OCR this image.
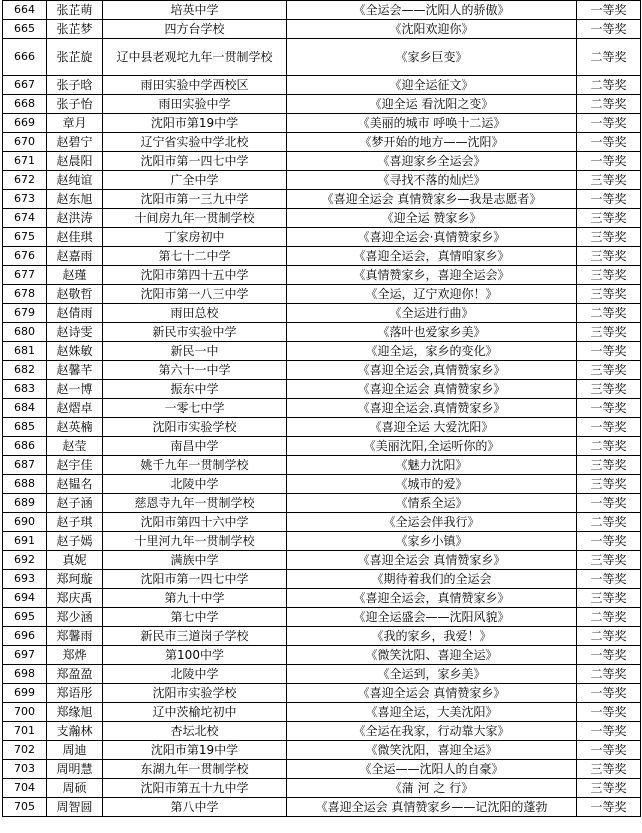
664	张芷萌	培英中学	《全运会——沈阳人的骄傲》	一等奖
665	张芷梦	四方台学校	《沈阳欢迎你》	一等奖
666	张芷旋	辽中县老观坨九年一贯制学校	《家乡巨变》	二等奖
667	张子晗	雨田实验中学西校区	《迎全运征文》	二等奖
668	张子怡	雨田实验中学	《迎全运 看沈阳之变》	二等奖
669	章月	沈阳市第19中学	《美丽的城市 呼唤十二运》	一等奖
670	赵碧宁	辽宁省实验中学北校	《梦开始的地方——沈阳》	一等奖
671	赵晨阳	沈阳市第一四七中学	《喜迎家乡全运会》	一等奖
672	赵纯谊	广全中学	《寻找不落的灿烂》	三等奖
673	赵东旭	沈阳市第一三九中学	《喜迎全运会 真情赞家乡—我是志愿者》	一等奖
674	赵洪涛	十间房九年一贯制学校	《迎全运 赞家乡》	三等奖
675	赵佳琪	丁家房初中	《喜迎全运会·真情赞家乡》	三等奖
676	赵嘉雨	第七十二中学	《喜迎全运会，真情咱家乡》	三等奖
677	赵瑾	沈阳市第四十五中学	《真情赞家乡，喜迎全运会》	三等奖
678	赵敬哲	沈阳市第一八三中学	《全运，辽宁欢迎你！》	三等奖
679	赵倩雨	雨田总校	《全运进行曲》	二等奖
680	赵诗雯	新民市实验中学	《落叶也爱家乡美》	三等奖
681	赵姝敏	新民一中	《迎全运，家乡的变化》	一等奖
682	赵馨芊	第六十一中学	《喜迎全运会,真情赞家乡》	三等奖
683	赵一博	振东中学	《喜迎全运会 真情赞家乡》	三等奖
684	赵熠卓	一零七中学	《喜迎全运会.真情赞家乡》	一等奖
685	赵英楠	沈阳市实验学校	《喜迎全运 大爱沈阳》	一等奖
686	赵莹	南昌中学	《美丽沈阳,全运听你的》	二等奖
687	赵宇佳	姚千九年一贯制学校	《魅力沈阳》	三等奖
688	赵韫名	北陵中学	《城市的爱》	三等奖
689	赵子涵	慈恩寺九年一贯制学校	《情系全运》	一等奖
690	赵子琪	沈阳市第四十六中学	《全运会伴我行》	二等奖
691	赵子嫣	十里河九年一贯制学校	《家乡小镇》	一等奖
692	真妮	满族中学	《喜迎全运会 真情赞家乡》	三等奖
693	郑珂璇	沈阳市第一四七中学	《期待着我们的全运会	一等奖
694	郑庆禹	第九十中学	《喜迎全运会，真情赞家乡》	三等奖
695	郑少涵	第七中学	《迎全运盛会——沈阳风貌》	二等奖
696	郑馨雨	新民市三道岗子学校	《我的家乡，我爱！》	二等奖
697	郑烨	第100中学	《微笑沈阳、喜迎全运》	一等奖
698	郑盈盈	北陵中学	《全运到，家乡美》	二等奖
699	郑语彤	沈阳市实验学校	《喜迎全运会 真情赞家乡》	一等奖
700	郑缘旭	辽中茨榆坨初中	《喜迎全运，大美沈阳》	一等奖
701	支瀚林	杏坛北校	《全运在我家，行动靠大家》	一等奖
702	周迪	沈阳市第19中学	《微笑沈阳，喜迎全运》	一等奖
703	周明慧	东湖九年一贯制学校	《全运——沈阳人的自豪》	三等奖
704	周硕	沈阳市第五十九中学	《蒲 河 之 行》	三等奖
705	周智圆	第八中学	《喜迎全运会 真情赞家乡——记沈阳的蓬勃	一等奖
